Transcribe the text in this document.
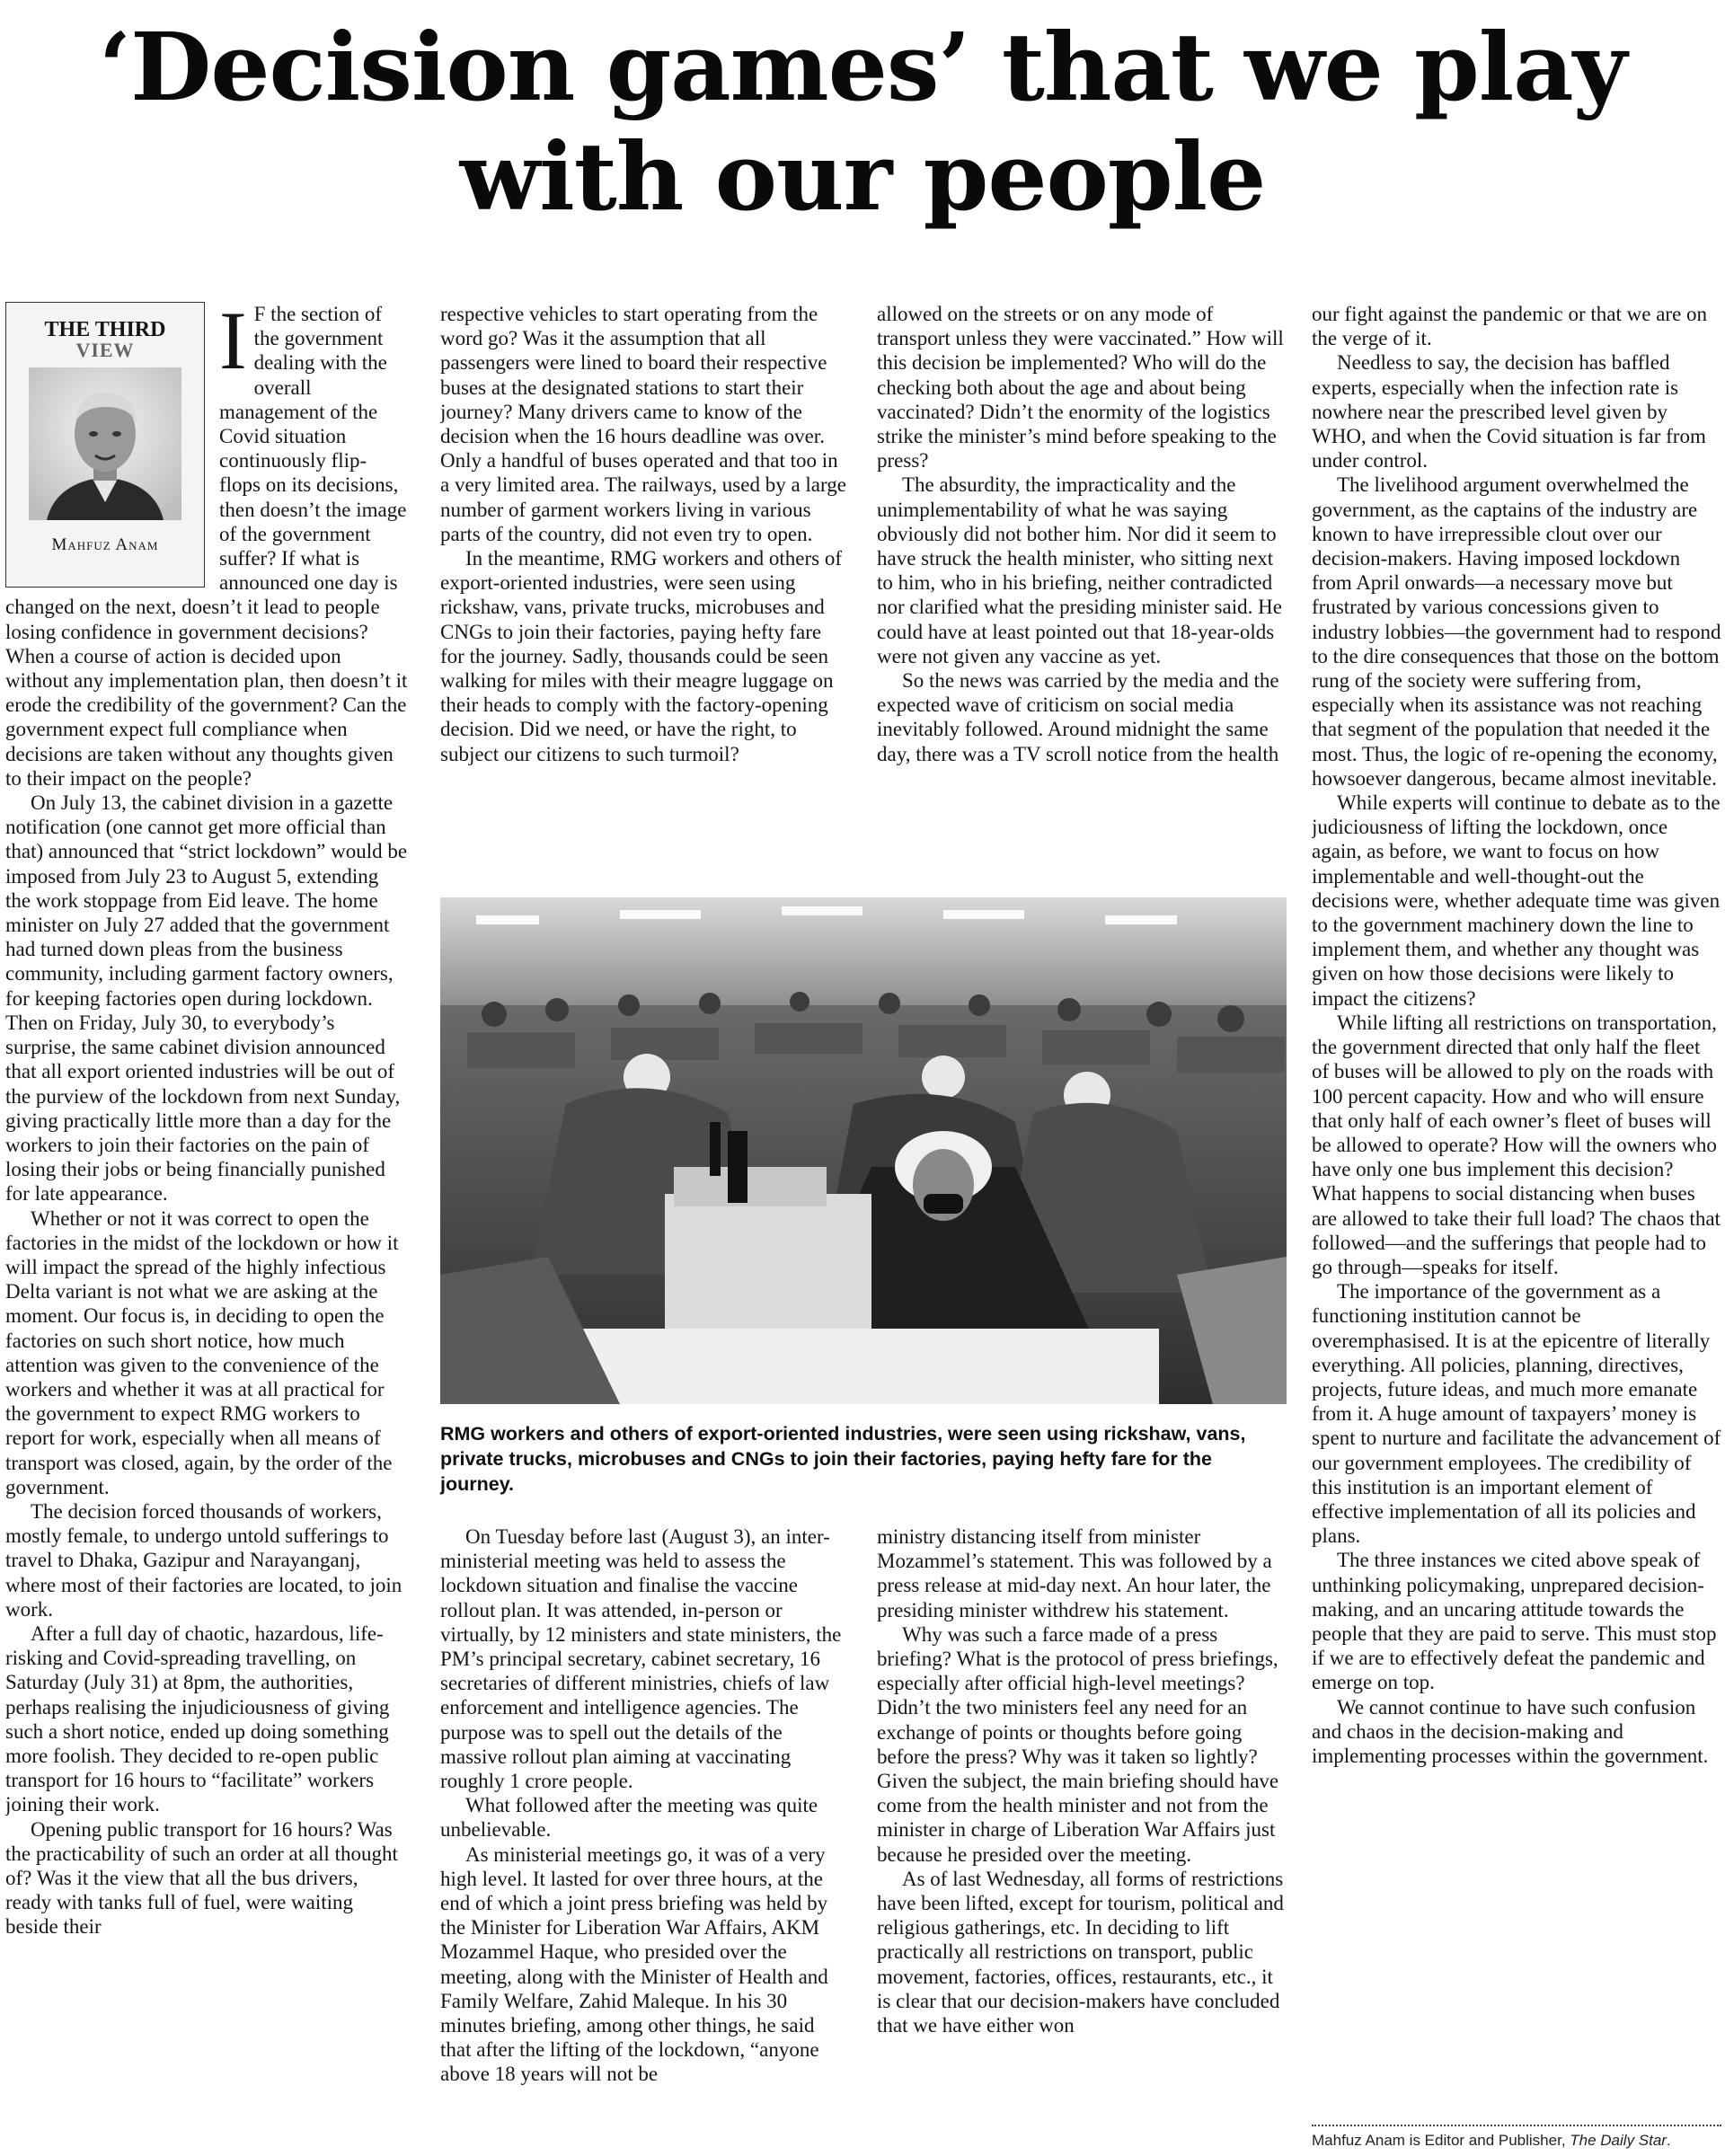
‘Decision games’ that we play
with our people
THE THIRD
VIEW
Mahfuz Anam
I F the section of the government dealing with the overall management of the Covid situation continuously flip-flops on its decisions, then doesn’t the image of the government suffer? If what is announced one day is changed on the next, doesn’t it lead to people losing confidence in government decisions? When a course of action is decided upon without any implementation plan, then doesn’t it erode the credibility of the government? Can the government expect full compliance when decisions are taken without any thoughts given to their impact on the people?

On July 13, the cabinet division in a gazette notification (one cannot get more official than that) announced that “strict lockdown” would be imposed from July 23 to August 5, extending the work stoppage from Eid leave. The home minister on July 27 added that the government had turned down pleas from the business community, including garment factory owners, for keeping factories open during lockdown. Then on Friday, July 30, to everybody’s surprise, the same cabinet division announced that all export oriented industries will be out of the purview of the lockdown from next Sunday, giving practically little more than a day for the workers to join their factories on the pain of losing their jobs or being financially punished for late appearance.

Whether or not it was correct to open the factories in the midst of the lockdown or how it will impact the spread of the highly infectious Delta variant is not what we are asking at the moment. Our focus is, in deciding to open the factories on such short notice, how much attention was given to the convenience of the workers and whether it was at all practical for the government to expect RMG workers to report for work, especially when all means of transport was closed, again, by the order of the government.

The decision forced thousands of workers, mostly female, to undergo untold sufferings to travel to Dhaka, Gazipur and Narayanganj, where most of their factories are located, to join work.

After a full day of chaotic, hazardous, life-risking and Covid-spreading travelling, on Saturday (July 31) at 8pm, the authorities, perhaps realising the injudiciousness of giving such a short notice, ended up doing something more foolish. They decided to re-open public transport for 16 hours to “facilitate” workers joining their work.

Opening public transport for 16 hours? Was the practicability of such an order at all thought of? Was it the view that all the bus drivers, ready with tanks full of fuel, were waiting beside their

respective vehicles to start operating from the word go? Was it the assumption that all passengers were lined to board their respective buses at the designated stations to start their journey? Many drivers came to know of the decision when the 16 hours deadline was over. Only a handful of buses operated and that too in a very limited area. The railways, used by a large number of garment workers living in various parts of the country, did not even try to open.

In the meantime, RMG workers and others of export-oriented industries, were seen using rickshaw, vans, private trucks, microbuses and CNGs to join their factories, paying hefty fare for the journey. Sadly, thousands could be seen walking for miles with their meagre luggage on their heads to comply with the factory-opening decision. Did we need, or have the right, to subject our citizens to such turmoil?

allowed on the streets or on any mode of transport unless they were vaccinated.” How will this decision be implemented? Who will do the checking both about the age and about being vaccinated? Didn’t the enormity of the logistics strike the minister’s mind before speaking to the press?

The absurdity, the impracticality and the unimplementability of what he was saying obviously did not bother him. Nor did it seem to have struck the health minister, who sitting next to him, who in his briefing, neither contradicted nor clarified what the presiding minister said. He could have at least pointed out that 18-year-olds were not given any vaccine as yet.

So the news was carried by the media and the expected wave of criticism on social media inevitably followed. Around midnight the same day, there was a TV scroll notice from the health

our fight against the pandemic or that we are on the verge of it.

Needless to say, the decision has baffled experts, especially when the infection rate is nowhere near the prescribed level given by WHO, and when the Covid situation is far from under control.

The livelihood argument overwhelmed the government, as the captains of the industry are known to have irrepressible clout over our decision-makers. Having imposed lockdown from April onwards—a necessary move but frustrated by various concessions given to industry lobbies—the government had to respond to the dire consequences that those on the bottom rung of the society were suffering from, especially when its assistance was not reaching that segment of the population that needed it the most. Thus, the logic of re-opening the economy, howsoever dangerous, became almost inevitable.

While experts will continue to debate as to the judiciousness of lifting the lockdown, once again, as before, we want to focus on how implementable and well-thought-out the decisions were, whether adequate time was given to the government machinery down the line to implement them, and whether any thought was given on how those decisions were likely to impact the citizens?

While lifting all restrictions on transportation, the government directed that only half the fleet of buses will be allowed to ply on the roads with 100 percent capacity. How and who will ensure that only half of each owner’s fleet of buses will be allowed to operate? How will the owners who have only one bus implement this decision? What happens to social distancing when buses are allowed to take their full load? The chaos that followed—and the sufferings that people had to go through—speaks for itself.

The importance of the government as a functioning institution cannot be overemphasised. It is at the epicentre of literally everything. All policies, planning, directives, projects, future ideas, and much more emanate from it. A huge amount of taxpayers’ money is spent to nurture and facilitate the advancement of our government employees. The credibility of this institution is an important element of effective implementation of all its policies and plans.

The three instances we cited above speak of unthinking policymaking, unprepared decision-making, and an uncaring attitude towards the people that they are paid to serve. This must stop if we are to effectively defeat the pandemic and emerge on top.

We cannot continue to have such confusion and chaos in the decision-making and implementing processes within the government.

RMG workers and others of export-oriented industries, were seen using rickshaw, vans, private trucks, microbuses and CNGs to join their factories, paying hefty fare for the journey.

On Tuesday before last (August 3), an inter-ministerial meeting was held to assess the lockdown situation and finalise the vaccine rollout plan. It was attended, in-person or virtually, by 12 ministers and state ministers, the PM’s principal secretary, cabinet secretary, 16 secretaries of different ministries, chiefs of law enforcement and intelligence agencies. The purpose was to spell out the details of the massive rollout plan aiming at vaccinating roughly 1 crore people.

What followed after the meeting was quite unbelievable.

As ministerial meetings go, it was of a very high level. It lasted for over three hours, at the end of which a joint press briefing was held by the Minister for Liberation War Affairs, AKM Mozammel Haque, who presided over the meeting, along with the Minister of Health and Family Welfare, Zahid Maleque. In his 30 minutes briefing, among other things, he said that after the lifting of the lockdown, “anyone above 18 years will not be

ministry distancing itself from minister Mozammel’s statement. This was followed by a press release at mid-day next. An hour later, the presiding minister withdrew his statement.

Why was such a farce made of a press briefing? What is the protocol of press briefings, especially after official high-level meetings? Didn’t the two ministers feel any need for an exchange of points or thoughts before going before the press? Why was it taken so lightly? Given the subject, the main briefing should have come from the health minister and not from the minister in charge of Liberation War Affairs just because he presided over the meeting.

As of last Wednesday, all forms of restrictions have been lifted, except for tourism, political and religious gatherings, etc. In deciding to lift practically all restrictions on transport, public movement, factories, offices, restaurants, etc., it is clear that our decision-makers have concluded that we have either won

Mahfuz Anam is Editor and Publisher, The Daily Star.
